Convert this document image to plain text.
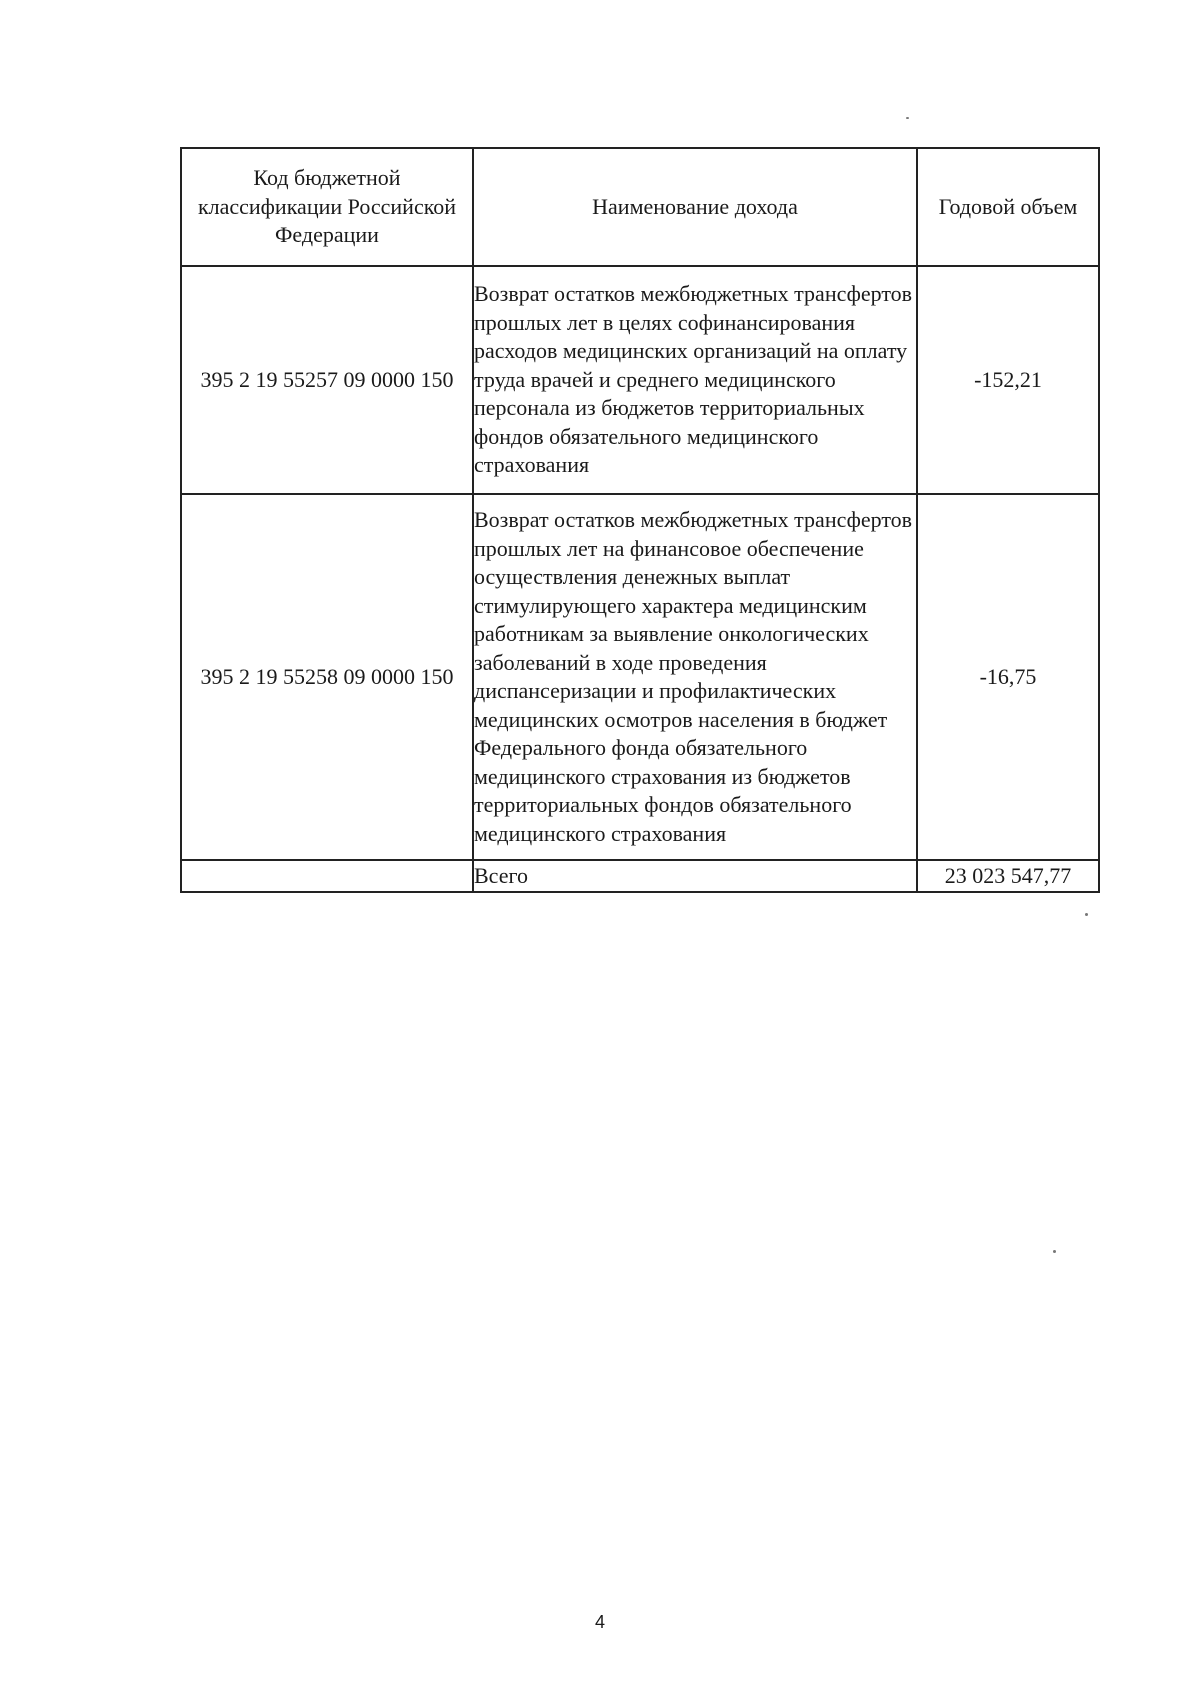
Код бюджетной классификации Российской Федерации	Наименование дохода	Годовой объем
395 2 19 55257 09 0000 150	Возврат остатков межбюджетных трансфертов прошлых лет в целях софинансирования расходов медицинских организаций на оплату труда врачей и среднего медицинского персонала из бюджетов территориальных фондов обязательного медицинского страхования	-152,21
395 2 19 55258 09 0000 150	Возврат остатков межбюджетных трансфертов прошлых лет на финансовое обеспечение осуществления денежных выплат стимулирующего характера медицинским работникам за выявление онкологических заболеваний в ходе проведения диспансеризации и профилактических медицинских осмотров населения в бюджет Федерального фонда обязательного медицинского страхования из бюджетов территориальных фондов обязательного медицинского страхования	-16,75
	Всего	23 023 547,77
4
